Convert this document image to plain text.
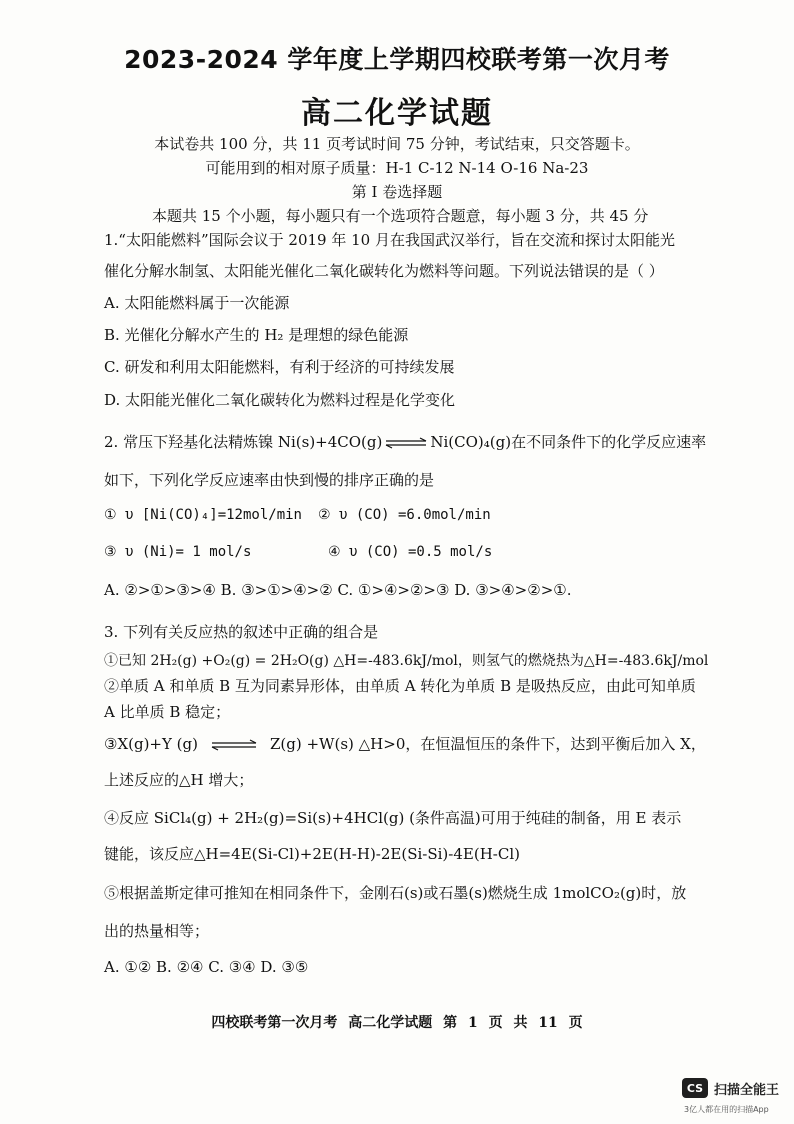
2023-2024 学年度上学期四校联考第一次月考
高二化学试题
本试卷共 100 分，共 11 页考试时间 75 分钟，考试结束，只交答题卡。
可能用到的相对原子质量：H-1 C-12 N-14 O-16 Na-23
第 I 卷选择题
本题共 15 个小题，每小题只有一个选项符合题意，每小题 3 分，共 45 分
1.“太阳能燃料”国际会议于 2019 年 10 月在我国武汉举行，旨在交流和探讨太阳能光
催化分解水制氢、太阳能光催化二氧化碳转化为燃料等问题。下列说法错误的是（ ）
A. 太阳能燃料属于一次能源
B. 光催化分解水产生的 H₂ 是理想的绿色能源
C. 研发和利用太阳能燃料，有利于经济的可持续发展
D. 太阳能光催化二氧化碳转化为燃料过程是化学变化
2. 常压下羟基化法精炼镍 Ni(s)+4CO(g) ⇌ Ni(CO)₄(g)在不同条件下的化学反应速率
如下，下列化学反应速率由快到慢的排序正确的是
① υ [Ni(CO)₄]=12mol/min ② υ (CO) =6.0mol/min
③ υ (Ni)= 1 mol/s	④ υ (CO) =0.5 mol/s
A. ②>①>③>④ B. ③>①>④>② C. ①>④>②>③ D. ③>④>②>①.
3. 下列有关反应热的叙述中正确的组合是
①已知 2H₂(g) +O₂(g) = 2H₂O(g) △H=-483.6kJ/mol，则氢气的燃烧热为△H=-483.6kJ/mol
②单质 A 和单质 B 互为同素异形体，由单质 A 转化为单质 B 是吸热反应，由此可知单质
A 比单质 B 稳定；
③X(g)+Y (g) ⇌ Z(g) +W(s) △H>0，在恒温恒压的条件下，达到平衡后加入 X，
上述反应的△H 增大；
④反应 SiCl₄(g) + 2H₂(g)=Si(s)+4HCl(g) (条件高温)可用于纯硅的制备，用 E 表示
键能，该反应△H=4E(Si-Cl)+2E(H-H)-2E(Si-Si)-4E(H-Cl)
⑤根据盖斯定律可推知在相同条件下，金刚石(s)或石墨(s)燃烧生成 1molCO₂(g)时，放
出的热量相等；
A. ①② B. ②④ C. ③④ D. ③⑤
四校联考第一次月考 高二化学试题 第 1 页 共 11 页
CS 扫描全能王
3亿人都在用的扫描App
